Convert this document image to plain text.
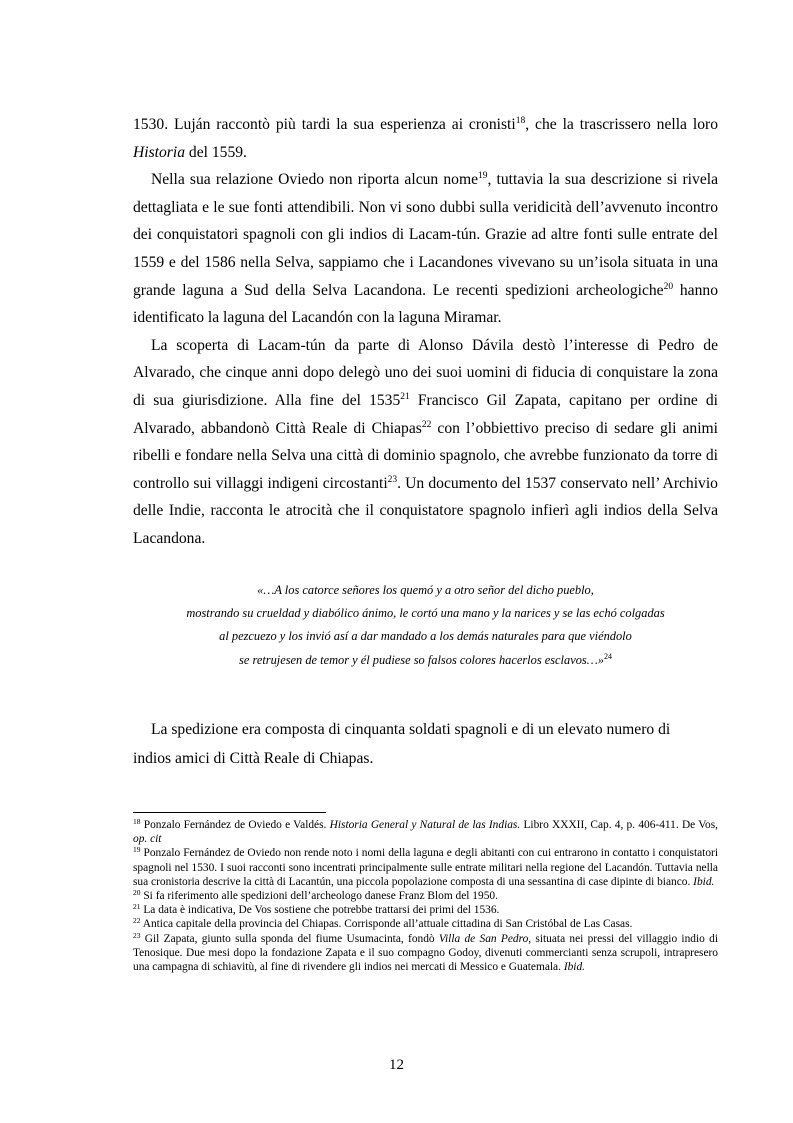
1530. Luján raccontò più tardi la sua esperienza ai cronisti$^{18}$, che la trascrissero nella loro Historia del 1559.

Nella sua relazione Oviedo non riporta alcun nome$^{19}$, tuttavia la sua descrizione si rivela dettagliata e le sue fonti attendibili. Non vi sono dubbi sulla veridicità dell’avvenuto incontro dei conquistatori spagnoli con gli indios di Lacam-tún. Grazie ad altre fonti sulle entrate del 1559 e del 1586 nella Selva, sappiamo che i Lacandones vivevano su un’isola situata in una grande laguna a Sud della Selva Lacandona. Le recenti spedizioni archeologiche$^{20}$ hanno identificato la laguna del Lacandón con la laguna Miramar.

La scoperta di Lacam-tún da parte di Alonso Dávila destò l’interesse di Pedro de Alvarado, che cinque anni dopo delegò uno dei suoi uomini di fiducia di conquistare la zona di sua giurisdizione. Alla fine del 1535$^{21}$ Francisco Gil Zapata, capitano per ordine di Alvarado, abbandonò Città Reale di Chiapas$^{22}$ con l’obbiettivo preciso di sedare gli animi ribelli e fondare nella Selva una città di dominio spagnolo, che avrebbe funzionato da torre di controllo sui villaggi indigeni circostanti$^{23}$. Un documento del 1537 conservato nell’ Archivio delle Indie, racconta le atrocità che il conquistatore spagnolo infierì agli indios della Selva Lacandona.

«…A los catorce señores los quemó y a otro señor del dicho pueblo,
mostrando su crueldad y diabólico ánimo, le cortó una mano y la narices y se las echó colgadas
al pezcuezo y los invió así a dar mandado a los demás naturales para que viéndolo
se retrujesen de temor y él pudiese so falsos colores hacerlos esclavos…»$^{24}$

La spedizione era composta di cinquanta soldati spagnoli e di un elevato numero di

indios amici di Città Reale di Chiapas.

$^{18}$ Ponzalo Fernández de Oviedo e Valdés. Historia General y Natural de las Indias. Libro XXXII, Cap. 4, p. 406-411. De Vos, op. cit

$^{19}$ Ponzalo Fernández de Oviedo non rende noto i nomi della laguna e degli abitanti con cui entrarono in contatto i conquistatori spagnoli nel 1530. I suoi racconti sono incentrati principalmente sulle entrate militari nella regione del Lacandón. Tuttavia nella sua cronistoria descrive la città di Lacantún, una piccola popolazione composta di una sessantina di case dipinte di bianco. Ibid.

$^{20}$ Si fa riferimento alle spedizioni dell’archeologo danese Franz Blom del 1950.

$^{21}$ La data è indicativa, De Vos sostiene che potrebbe trattarsi dei primi del 1536.

$^{22}$ Antica capitale della provincia del Chiapas. Corrisponde all’attuale cittadina di San Cristóbal de Las Casas.

$^{23}$ Gil Zapata, giunto sulla sponda del fiume Usumacinta, fondò Villa de San Pedro, situata nei pressi del villaggio indio di Tenosique. Due mesi dopo la fondazione Zapata e il suo compagno Godoy, divenuti commercianti senza scrupoli, intrapresero una campagna di schiavitù, al fine di rivendere gli indios nei mercati di Messico e Guatemala. Ibid.

12
